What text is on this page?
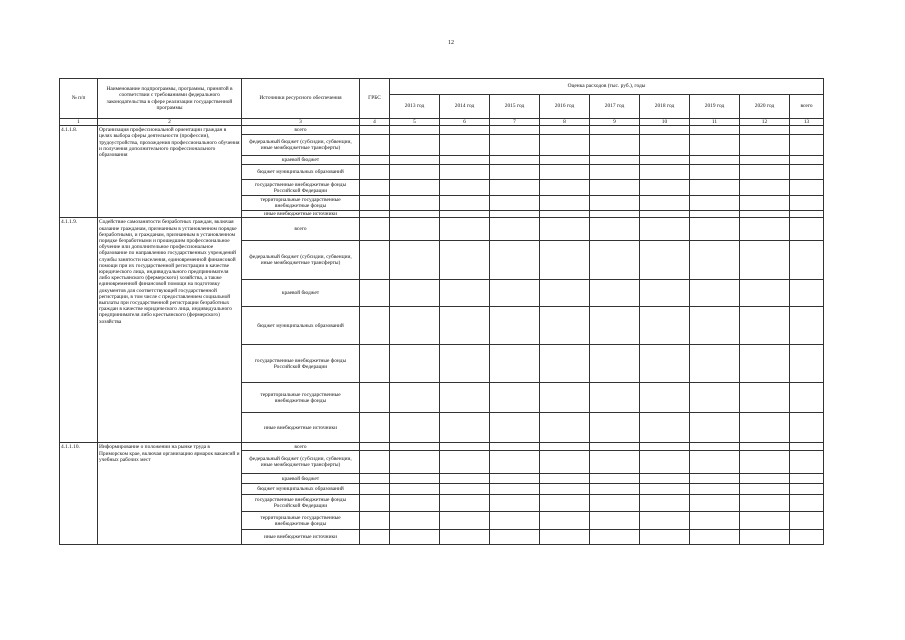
12
№ п/п	Наименование подпрограммы, программы, принятой в соответствии с требованиями федерального законодательства в сфере реализации государственной программы	Источники ресурсного обеспечения	ГРБС	Оценка расходов (тыс. руб.), годы								
				2013 год	2014 год	2015 год	2016 год	2017 год	2018 год	2019 год	2020 год	всего
1	2	3	4	5	6	7	8	9	10	11	12	13
4.1.1.8.	Организация профессиональной ориентации граждан в целях выбора сферы деятельности (профессии), трудоустройства, прохождения профессионального обучения и получения дополнительного профессионального образования	всего										
		федеральный бюджет (субсидии, субвенции, иные межбюджетные трансферты)										
		краевой бюджет										
		бюджет муниципальных образований										
		государственные внебюджетные фонды Российской Федерации										
		территориальные государственные внебюджетные фонды										
		иные внебюджетные источники										
4.1.1.9.	Содействие самозанятости безработных граждан, включая оказание гражданам, признанным в установленном порядке безработными, и гражданам, признанным в установленном порядке безработными и прошедшим профессиональное обучение или дополнительное профессиональное образование по направлению государственных учреждений службы занятости населения, единовременной финансовой помощи при их государственной регистрации в качестве юридического лица, индивидуального предпринимателя либо крестьянского (фермерского) хозяйства, а также единовременной финансовой помощи на подготовку документов для соответствующей государственной регистрации, в том числе с предоставлением социальной выплаты при государственной регистрации безработных граждан в качестве юридического лица, индивидуального предпринимателя либо крестьянского (фермерского) хозяйства	всего										
		федеральный бюджет (субсидии, субвенции, иные межбюджетные трансферты)										
		краевой бюджет										
		бюджет муниципальных образований										
		государственные внебюджетные фонды Российской Федерации										
		территориальные государственные внебюджетные фонды										
		иные внебюджетные источники										
4.1.1.10.	Информирование о положении на рынке труда в Приморском крае, включая организацию ярмарок вакансий и учебных рабочих мест	всего										
		федеральный бюджет (субсидии, субвенции, иные межбюджетные трансферты)										
		краевой бюджет										
		бюджет муниципальных образований										
		государственные внебюджетные фонды Российской Федерации										
		территориальные государственные внебюджетные фонды										
		иные внебюджетные источники										
